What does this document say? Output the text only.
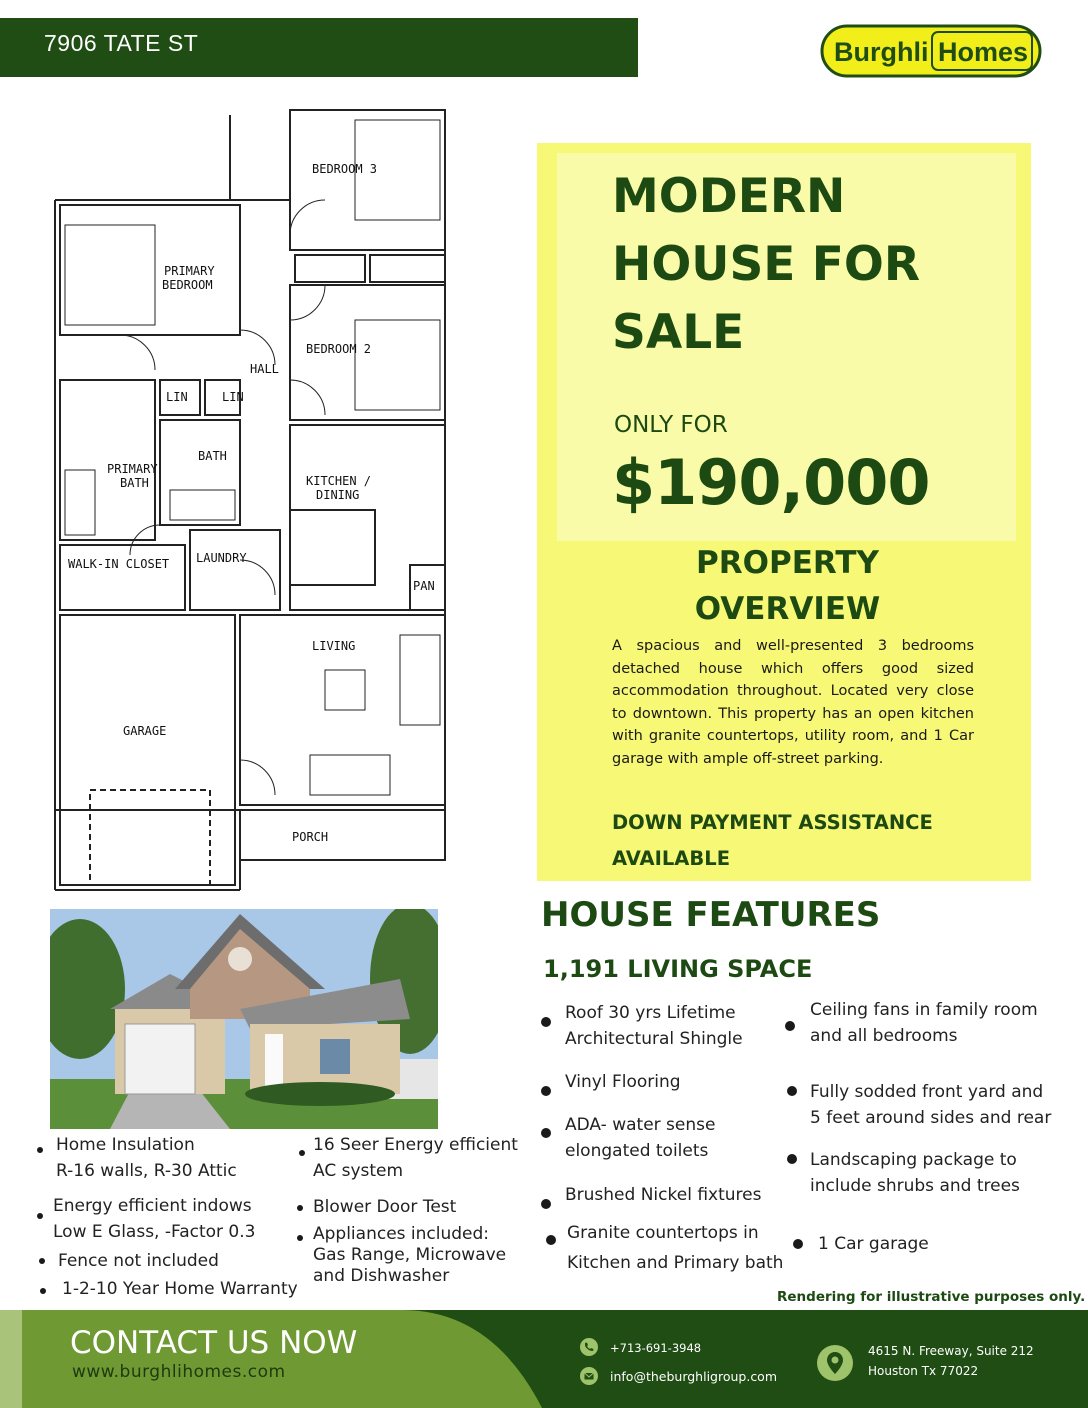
7906 TATE ST	Burghli Homes
BEDROOM 3
PRIMARY
BEDROOM
BEDROOM 2
HALL
LIN	LIN
BATH
PRIMARY
BATH	KITCHEN /
DINING
WALK-IN CLOSET LAUNDRY
PAN
LIVING
GARAGE
PORCH
MODERN
HOUSE FOR
SALE
ONLY FOR
$190,000
PROPERTY
OVERVIEW
A spacious and well-presented 3 bedrooms detached house which offers good sized accommodation throughout. Located very close to downtown. This property has an open kitchen with granite countertops, utility room, and 1 Car garage with ample off-street parking.
DOWN PAYMENT ASSISTANCE
AVAILABLE
HOUSE FEATURES
1,191 LIVING SPACE
Roof 30 yrs Lifetime
Architectural Shingle
Vinyl Flooring
ADA- water sense
elongated toilets
Brushed Nickel fixtures
Granite countertops in
Kitchen and Primary bath
Ceiling fans in family room
and all bedrooms
Fully sodded front yard and
5 feet around sides and rear
Landscaping package to
include shrubs and trees
1 Car garage
Home Insulation
R-16 walls, R-30 Attic
Energy efficient indows
Low E Glass, -Factor 0.3
Fence not included
1-2-10 Year Home Warranty
16 Seer Energy efficient
AC system
Blower Door Test
Appliances included:
Gas Range, Microwave
and Dishwasher
Rendering for illustrative purposes only.
CONTACT US NOW
www.burghlihomes.com
+713-691-3948
info@theburghligroup.com
4615 N. Freeway, Suite 212
Houston Tx 77022
